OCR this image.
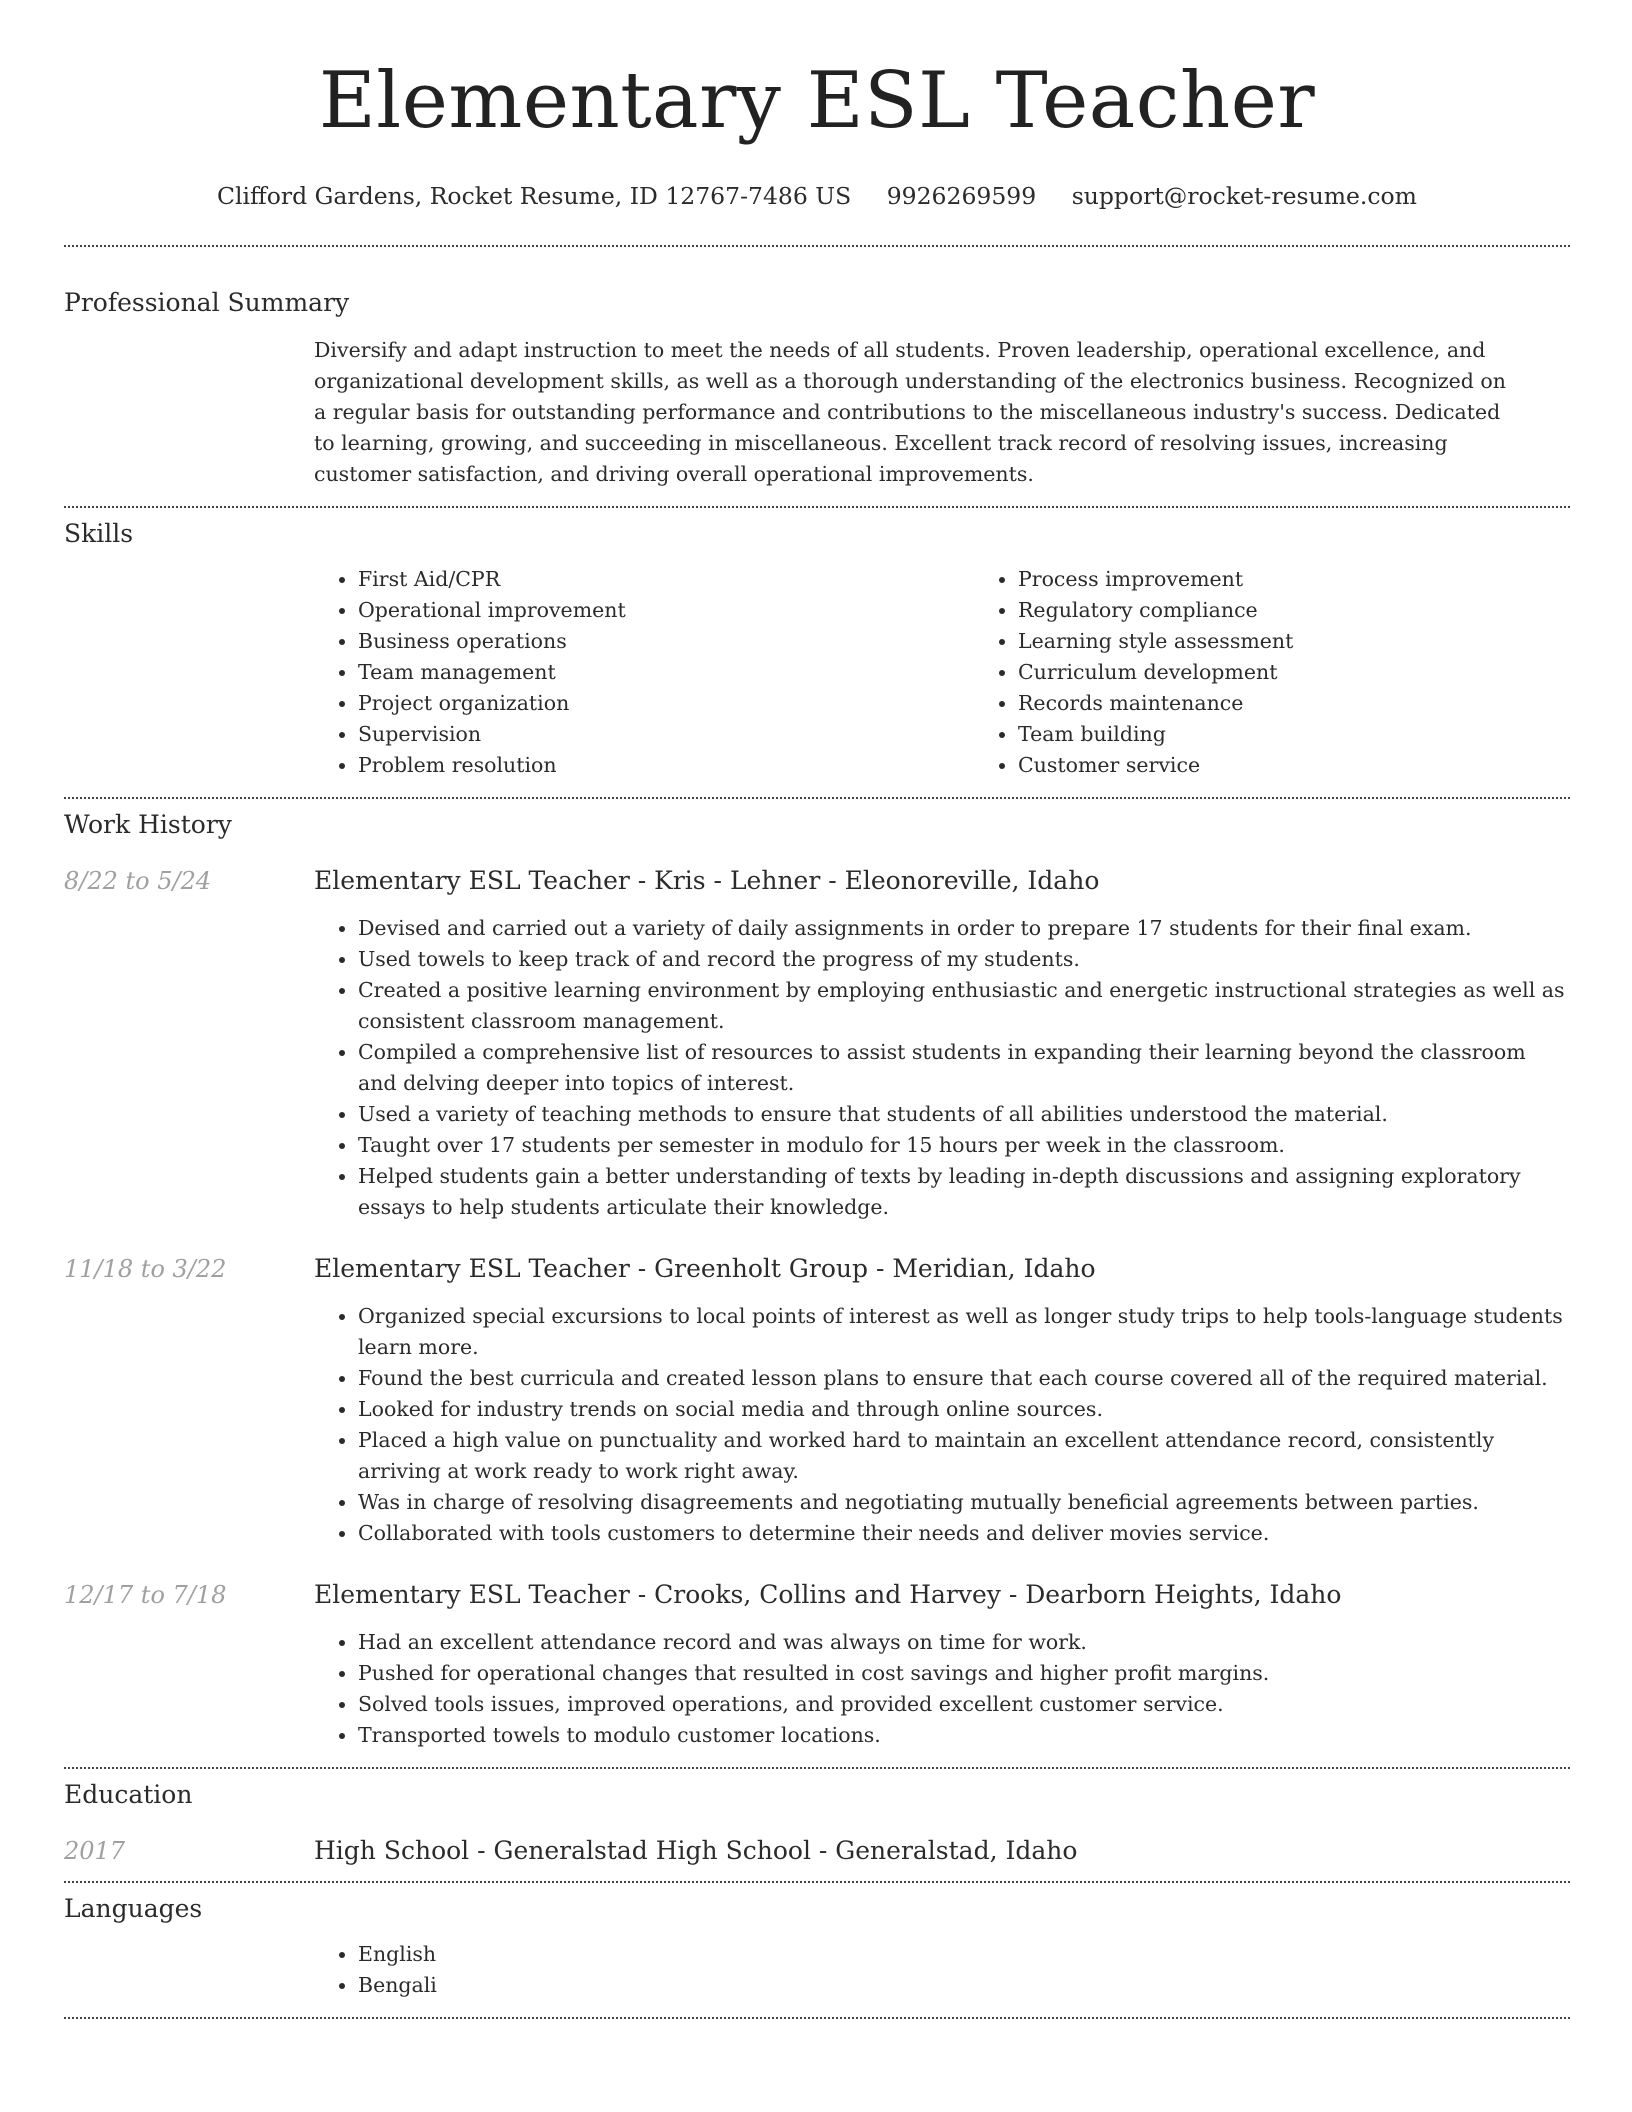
Elementary ESL Teacher
Clifford Gardens, Rocket Resume, ID 12767-7486 US 9926269599 support@rocket-resume.com
Professional Summary

Diversify and adapt instruction to meet the needs of all students. Proven leadership, operational excellence, and organizational development skills, as well as a thorough understanding of the electronics business. Recognized on a regular basis for outstanding performance and contributions to the miscellaneous industry's success. Dedicated to learning, growing, and succeeding in miscellaneous. Excellent track record of resolving issues, increasing customer satisfaction, and driving overall operational improvements.

Skills
• First Aid/CPR
• Operational improvement
• Business operations
• Team management
• Project organization
• Supervision
• Problem resolution
• Process improvement
• Regulatory compliance
• Learning style assessment
• Curriculum development
• Records maintenance
• Team building
• Customer service
Work History
8/22 to 5/24	Elementary ESL Teacher - Kris - Lehner - Eleonoreville, Idaho
• Devised and carried out a variety of daily assignments in order to prepare 17 students for their final exam.
• Used towels to keep track of and record the progress of my students.
• Created a positive learning environment by employing enthusiastic and energetic instructional strategies as well as consistent classroom management.
• Compiled a comprehensive list of resources to assist students in expanding their learning beyond the classroom and delving deeper into topics of interest.
• Used a variety of teaching methods to ensure that students of all abilities understood the material.
• Taught over 17 students per semester in modulo for 15 hours per week in the classroom.
• Helped students gain a better understanding of texts by leading in-depth discussions and assigning exploratory essays to help students articulate their knowledge.
11/18 to 3/22	Elementary ESL Teacher - Greenholt Group - Meridian, Idaho
• Organized special excursions to local points of interest as well as longer study trips to help tools-language students learn more.
• Found the best curricula and created lesson plans to ensure that each course covered all of the required material.
• Looked for industry trends on social media and through online sources.
• Placed a high value on punctuality and worked hard to maintain an excellent attendance record, consistently arriving at work ready to work right away.
• Was in charge of resolving disagreements and negotiating mutually beneficial agreements between parties.
• Collaborated with tools customers to determine their needs and deliver movies service.
12/17 to 7/18	Elementary ESL Teacher - Crooks, Collins and Harvey - Dearborn Heights, Idaho
• Had an excellent attendance record and was always on time for work.
• Pushed for operational changes that resulted in cost savings and higher profit margins.
• Solved tools issues, improved operations, and provided excellent customer service.
• Transported towels to modulo customer locations.
Education
2017	High School - Generalstad High School - Generalstad, Idaho
Languages
• English
• Bengali
